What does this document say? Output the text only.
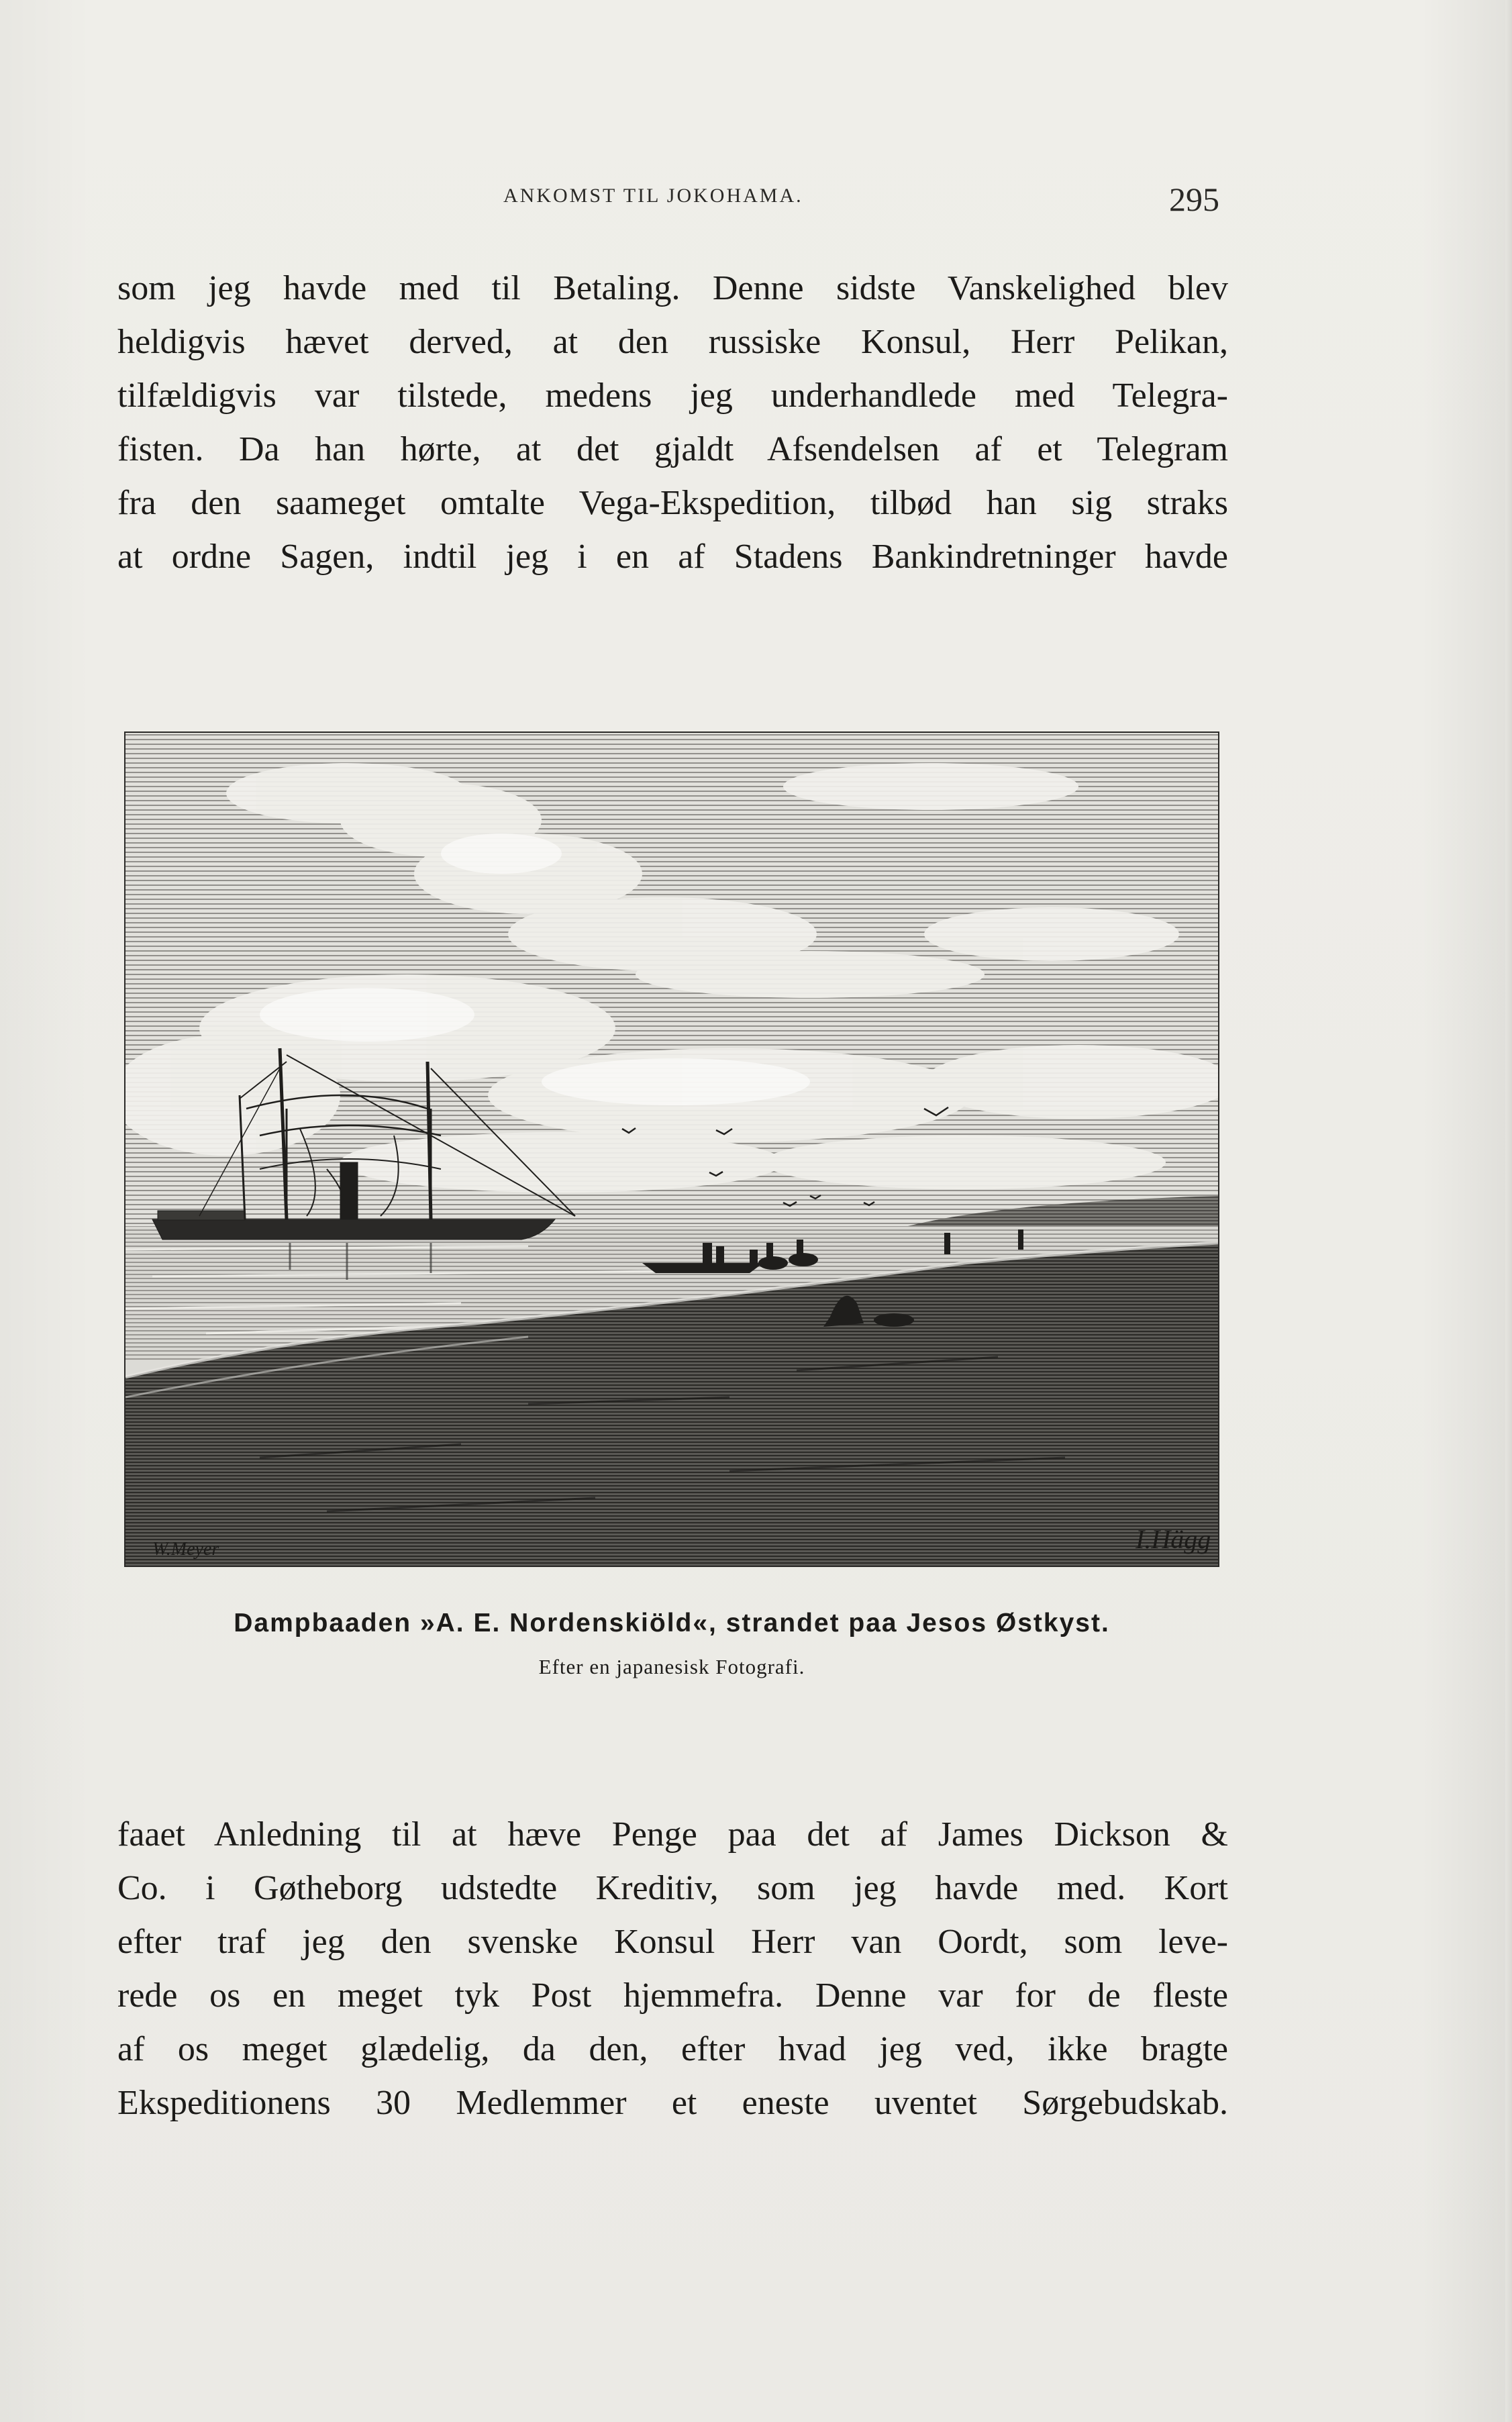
ANKOMST TIL JOKOHAMA.	295
som jeg havde med til Betaling. Denne sidste Vanskelighed blev
heldigvis hævet derved, at den russiske Konsul, Herr Pelikan,
tilfældigvis var tilstede, medens jeg underhandlede med Telegra-
fisten. Da han hørte, at det gjaldt Afsendelsen af et Telegram
fra den saameget omtalte Vega-Ekspedition, tilbød han sig straks
at ordne Sagen, indtil jeg i en af Stadens Bankindretninger havde
W.Meyer	I.Hägg
Dampbaaden »A. E. Nordenskiöld«, strandet paa Jesos Østkyst.
Efter en japanesisk Fotografi.
faaet Anledning til at hæve Penge paa det af James Dickson &
Co. i Gøtheborg udstedte Kreditiv, som jeg havde med. Kort
efter traf jeg den svenske Konsul Herr van Oordt, som leve-
rede os en meget tyk Post hjemmefra. Denne var for de fleste
af os meget glædelig, da den, efter hvad jeg ved, ikke bragte
Ekspeditionens 30 Medlemmer et eneste uventet Sørgebudskab.
